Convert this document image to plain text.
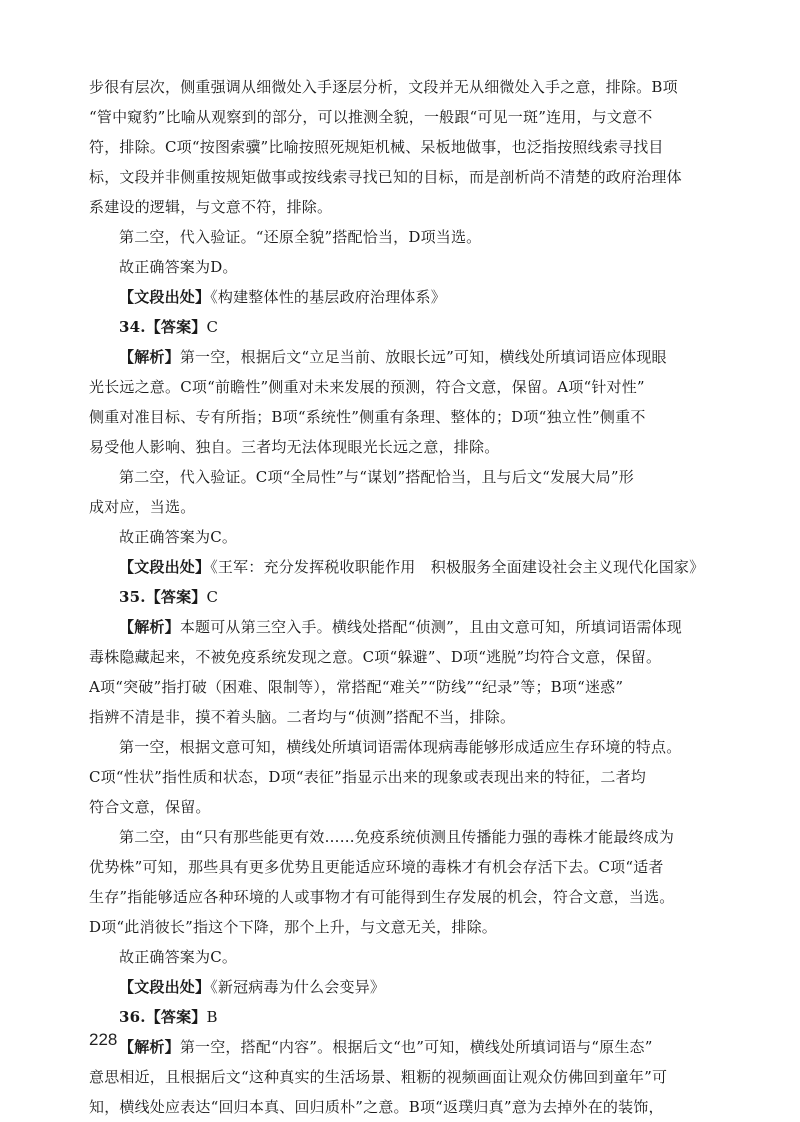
步很有层次，侧重强调从细微处入手逐层分析，文段并无从细微处入手之意，排除。B项
“管中窥豹”比喻从观察到的部分，可以推测全貌，一般跟“可见一斑”连用，与文意不
符，排除。C项“按图索骥”比喻按照死规矩机械、呆板地做事，也泛指按照线索寻找目
标，文段并非侧重按规矩做事或按线索寻找已知的目标，而是剖析尚不清楚的政府治理体
系建设的逻辑，与文意不符，排除。
第二空，代入验证。“还原全貌”搭配恰当，D项当选。
故正确答案为D。
【文段出处】《构建整体性的基层政府治理体系》
34.【答案】C
【解析】第一空，根据后文“立足当前、放眼长远”可知，横线处所填词语应体现眼
光长远之意。C项“前瞻性”侧重对未来发展的预测，符合文意，保留。A项“针对性”
侧重对准目标、专有所指；B项“系统性”侧重有条理、整体的；D项“独立性”侧重不
易受他人影响、独自。三者均无法体现眼光长远之意，排除。
第二空，代入验证。C项“全局性”与“谋划”搭配恰当，且与后文“发展大局”形
成对应，当选。
故正确答案为C。
【文段出处】《王军：充分发挥税收职能作用　积极服务全面建设社会主义现代化国家》
35.【答案】C
【解析】本题可从第三空入手。横线处搭配“侦测”，且由文意可知，所填词语需体现
毒株隐藏起来，不被免疫系统发现之意。C项“躲避”、D项“逃脱”均符合文意，保留。
A项“突破”指打破（困难、限制等），常搭配“难关”“防线”“纪录”等；B项“迷惑”
指辨不清是非，摸不着头脑。二者均与“侦测”搭配不当，排除。
第一空，根据文意可知，横线处所填词语需体现病毒能够形成适应生存环境的特点。
C项“性状”指性质和状态，D项“表征”指显示出来的现象或表现出来的特征，二者均
符合文意，保留。
第二空，由“只有那些能更有效……免疫系统侦测且传播能力强的毒株才能最终成为
优势株”可知，那些具有更多优势且更能适应环境的毒株才有机会存活下去。C项“适者
生存”指能够适应各种环境的人或事物才有可能得到生存发展的机会，符合文意，当选。
D项“此消彼长”指这个下降，那个上升，与文意无关，排除。
故正确答案为C。
【文段出处】《新冠病毒为什么会变异》
36.【答案】B
【解析】第一空，搭配“内容”。根据后文“也”可知，横线处所填词语与“原生态”
意思相近，且根据后文“这种真实的生活场景、粗粝的视频画面让观众仿佛回到童年”可
知，横线处应表达“回归本真、回归质朴”之意。B项“返璞归真”意为去掉外在的装饰，
228
